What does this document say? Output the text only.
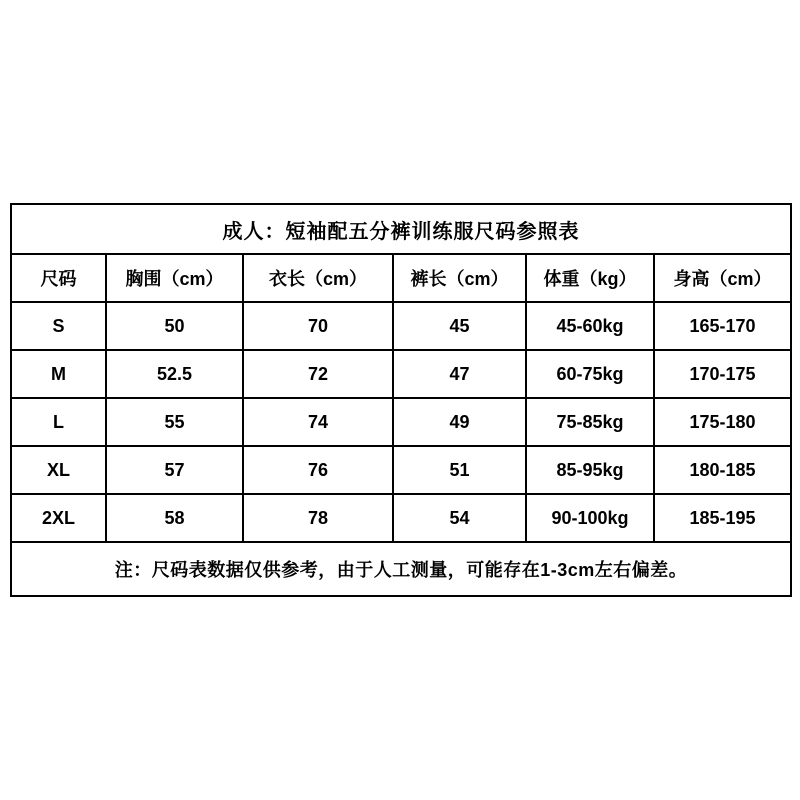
成人：短袖配五分裤训练服尺码参照表					
尺码	胸围（cm）	衣长（cm）	裤长（cm）	体重（kg）	身高（cm）
S	50	70	45	45-60kg	165-170
M	52.5	72	47	60-75kg	170-175
L	55	74	49	75-85kg	175-180
XL	57	76	51	85-95kg	180-185
2XL	58	78	54	90-100kg	185-195
注：尺码表数据仅供参考，由于人工测量，可能存在1-3cm左右偏差。					
